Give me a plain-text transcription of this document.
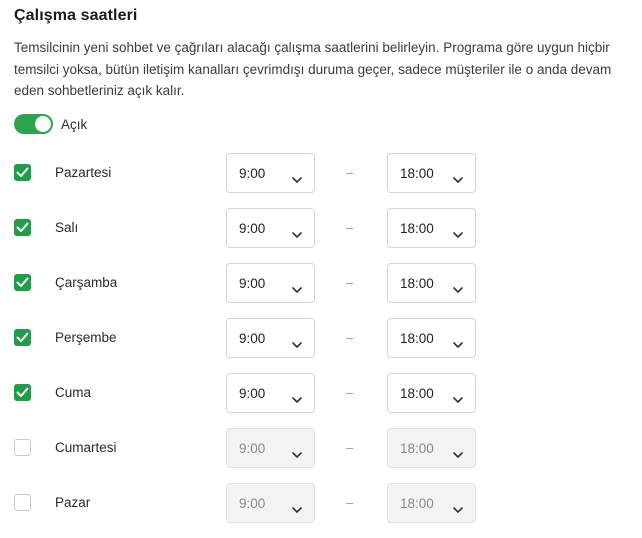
Çalışma saatleri
Temsilcinin yeni sohbet ve çağrıları alacağı çalışma saatlerini belirleyin. Programa göre uygun hiçbir temsilci yoksa, bütün iletişim kanalları çevrimdışı duruma geçer, sadece müşteriler ile o anda devam eden sohbetleriniz açık kalır.
Açık
Pazartesi	9:00	–	18:00
Salı	9:00	–	18:00
Çarşamba	9:00	–	18:00
Perşembe	9:00	–	18:00
Cuma	9:00	–	18:00
Cumartesi	9:00	–	18:00
Pazar	9:00	–	18:00
